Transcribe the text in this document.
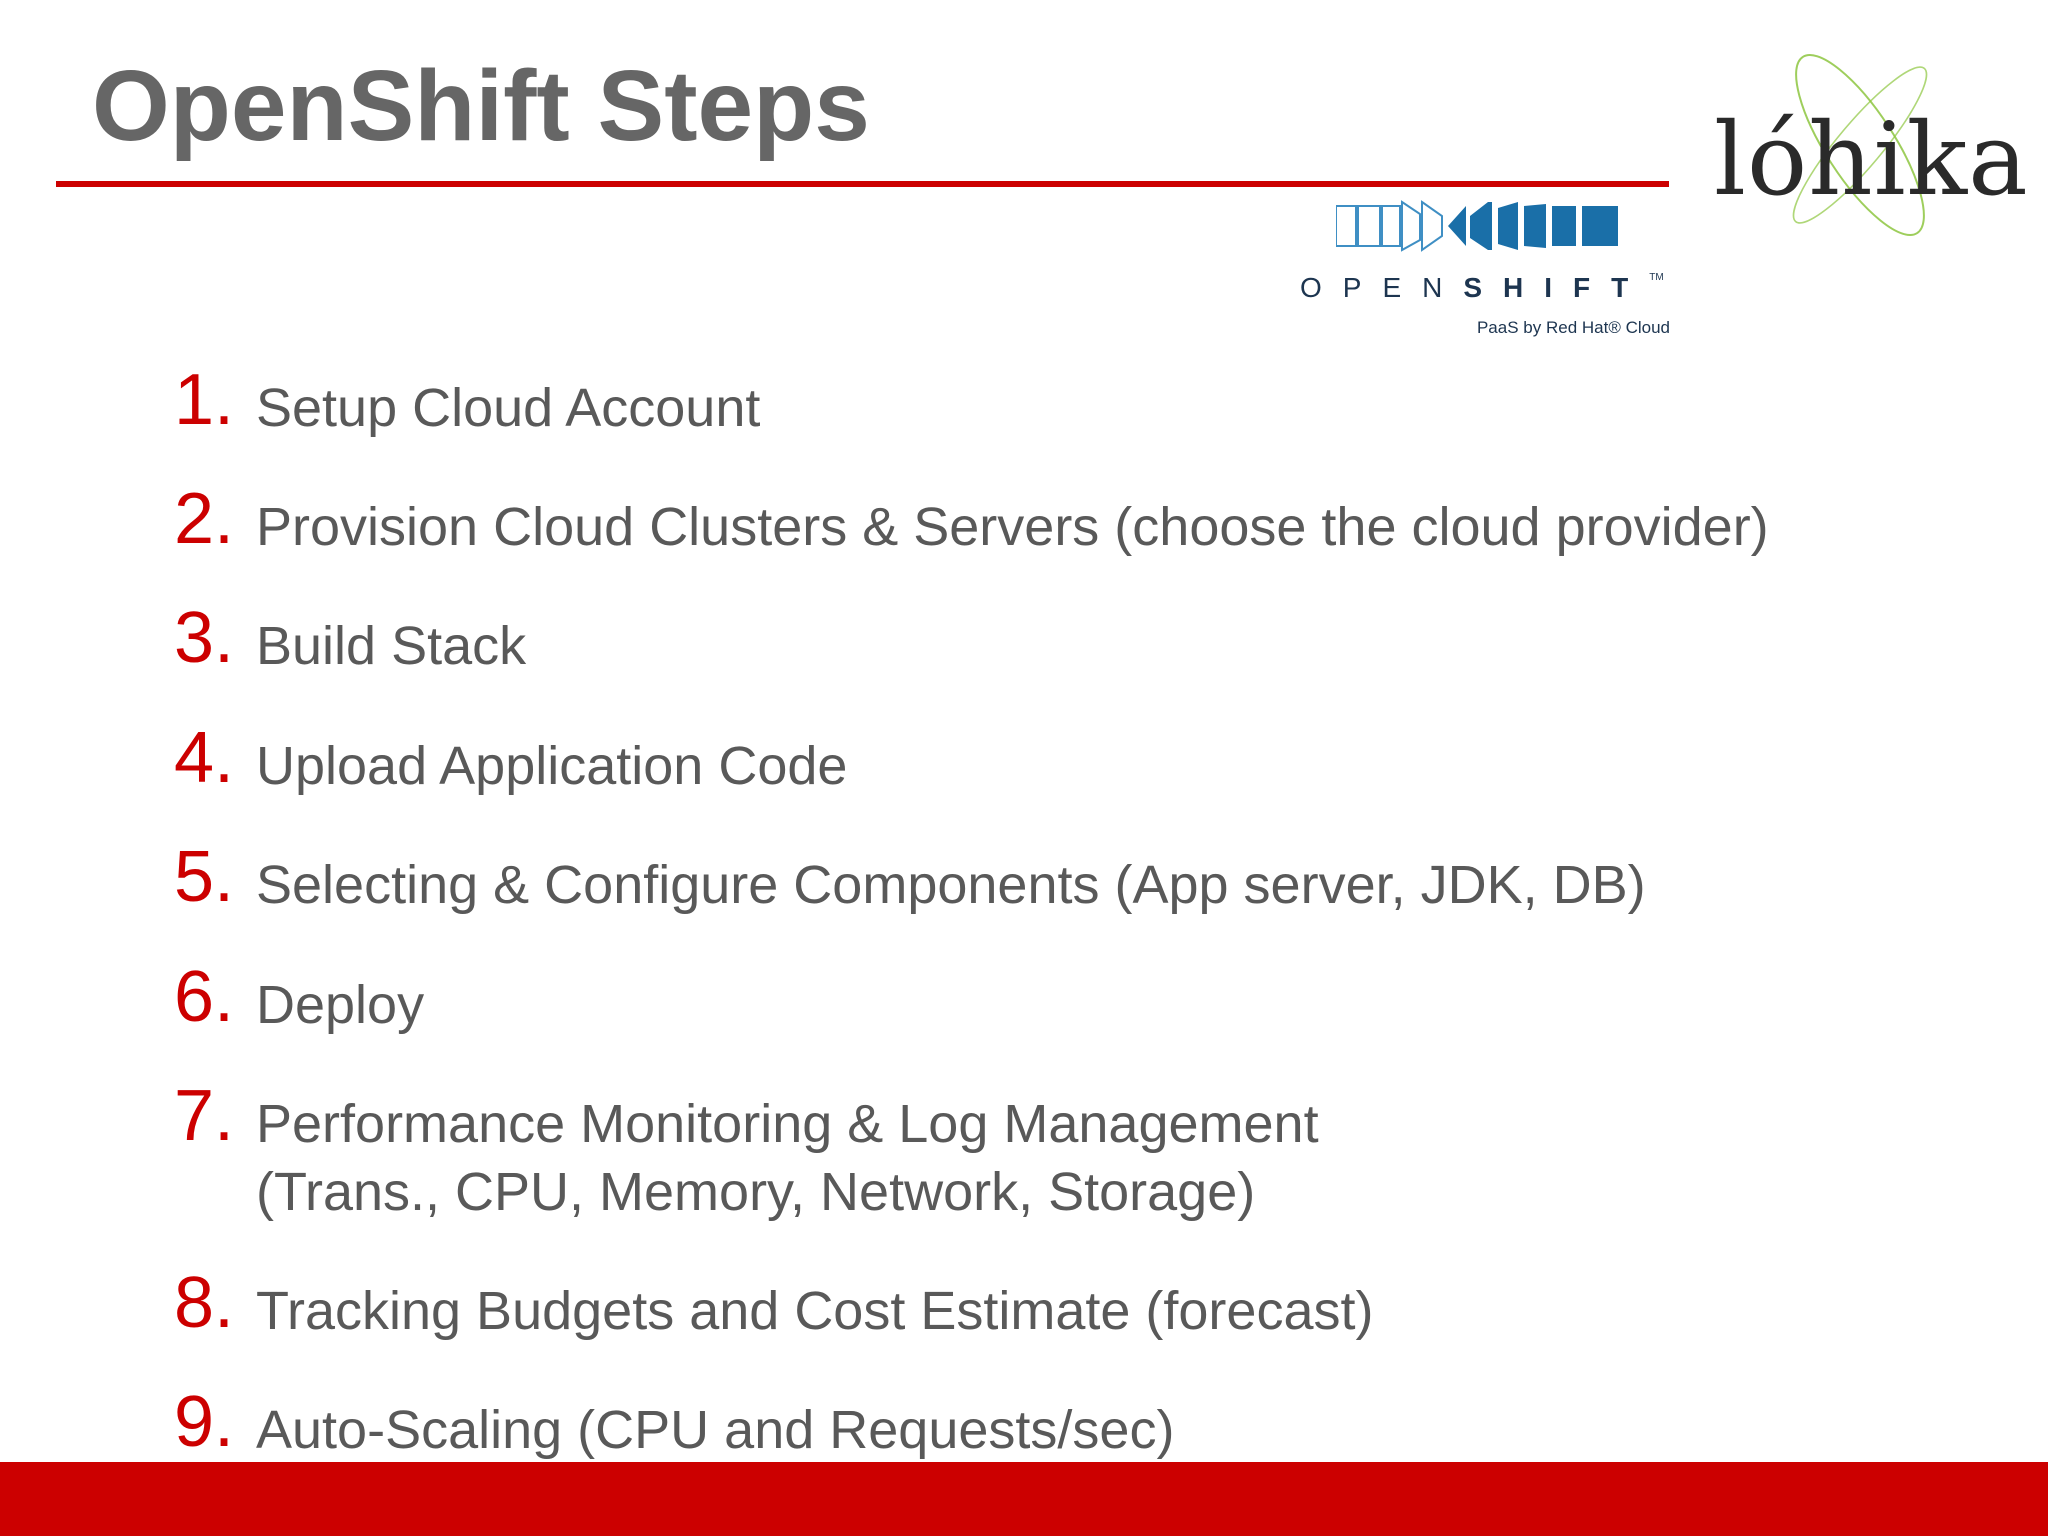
OpenShift Steps	lóhika
OPENSHIFT™
PaaS by Red Hat® Cloud
1. Setup Cloud Account
2. Provision Cloud Clusters & Servers (choose the cloud provider)
3. Build Stack
4. Upload Application Code
5. Selecting & Configure Components (App server, JDK, DB)
6. Deploy
7. Performance Monitoring & Log Management
(Trans., CPU, Memory, Network, Storage)
8. Tracking Budgets and Cost Estimate (forecast)
9. Auto-Scaling (CPU and Requests/sec)
